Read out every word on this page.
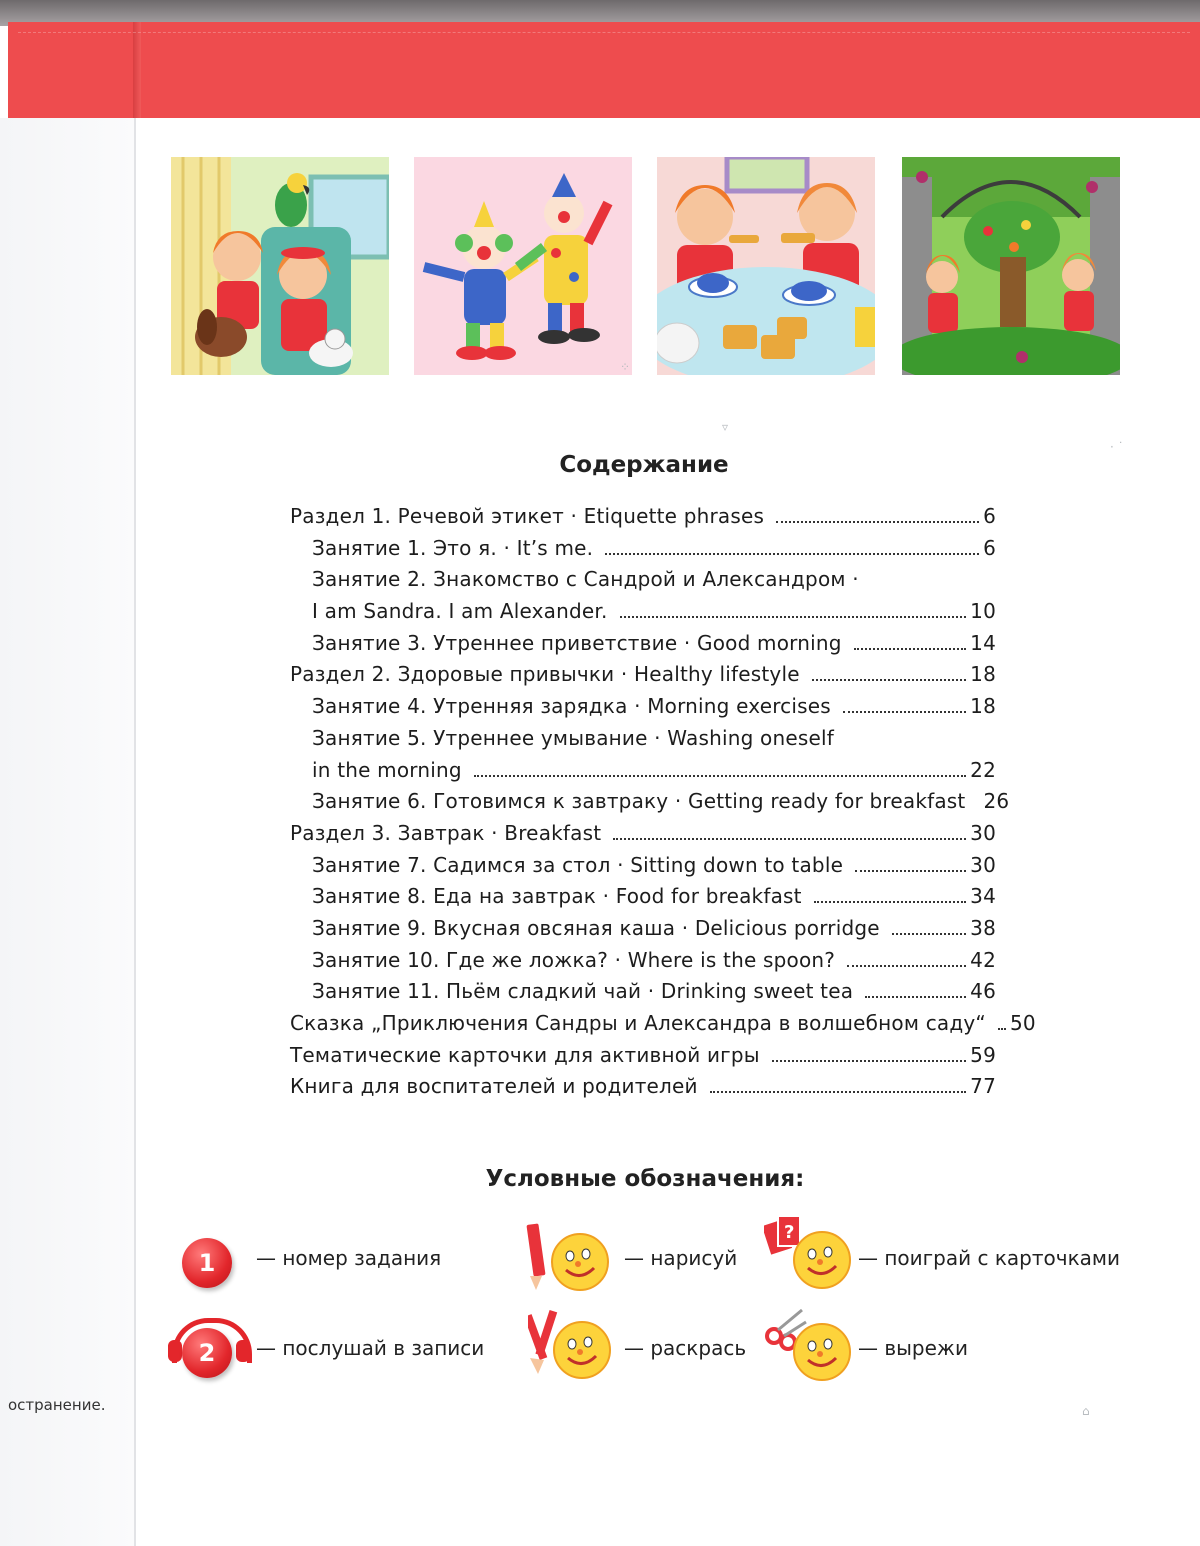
⁘
▿
· ˙
Содержание
Раздел 1. Речевой этикет · Etiquette phrases	6
Занятие 1. Это я. · It’s me.	6
Занятие 2. Знакомство с Сандрой и Александром ·
I am Sandra. I am Alexander.	10
Занятие 3. Утреннее приветствие · Good morning	14
Раздел 2. Здоровые привычки · Healthy lifestyle	18
Занятие 4. Утренняя зарядка · Morning exercises	18
Занятие 5. Утреннее умывание · Washing oneself
in the morning	22
Занятие 6. Готовимся к завтраку · Getting ready for breakfast 26
Раздел 3. Завтрак · Breakfast	30
Занятие 7. Садимся за стол · Sitting down to table	30
Занятие 8. Еда на завтрак · Food for breakfast	34
Занятие 9. Вкусная овсяная каша · Delicious porridge	38
Занятие 10. Где же ложка? · Where is the spoon?	42
Занятие 11. Пьём сладкий чай · Drinking sweet tea	46
Сказка „Приключения Сандры и Александра в волшебном саду“ 50
Тематические карточки для активной игры	59
Книга для воспитателей и родителей	77
Условные обозначения:
1	— номер задания	— нарисуй
?
— поиграй с карточками
2	— послушай в записи	— раскрась	— вырежи
остранение.	⌂
